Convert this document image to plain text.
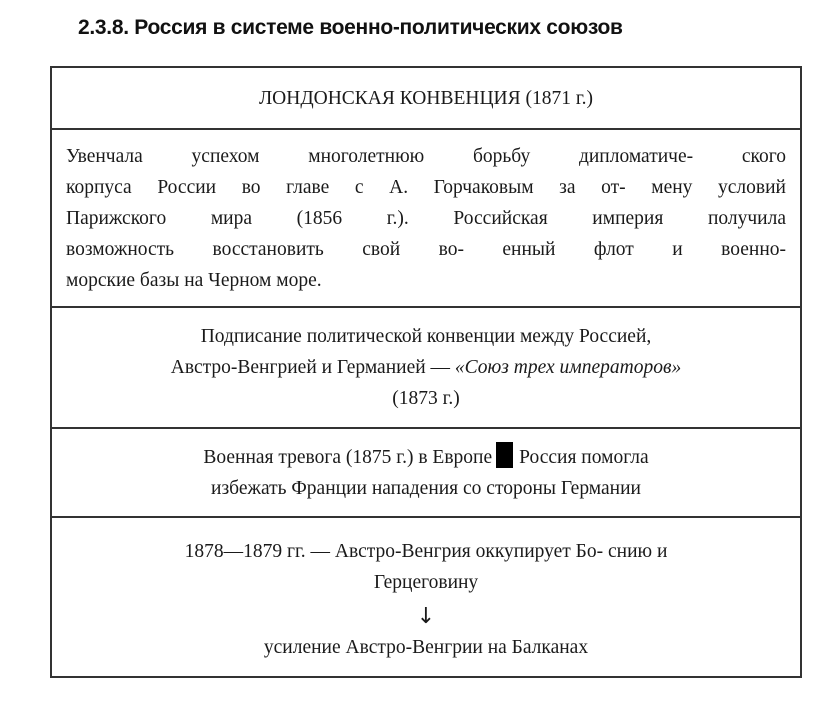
2.3.8. Россия в системе военно-политических союзов
ЛОНДОНСКАЯ КОНВЕНЦИЯ (1871 г.)
Увенчала успехом многолетнюю борьбу дипломатиче- ского
корпуса России во главе с А. Горчаковым за от- мену условий
Парижского мира (1856 г.). Российская империя получила
возможность восстановить свой во- енный флот и военно-
морские базы на Черном море.
Подписание политической конвенции между Россией,
Австро-Венгрией и Германией — «Союз трех императоров»
(1873 г.)
Военная тревога (1875 г.) в Европе Россия помогла
избежать Франции нападения со стороны Германии
1878—1879 гг. — Австро-Венгрия оккупирует Бо- снию и
Герцеговину
↓
усиление Австро-Венгрии на Балканах
